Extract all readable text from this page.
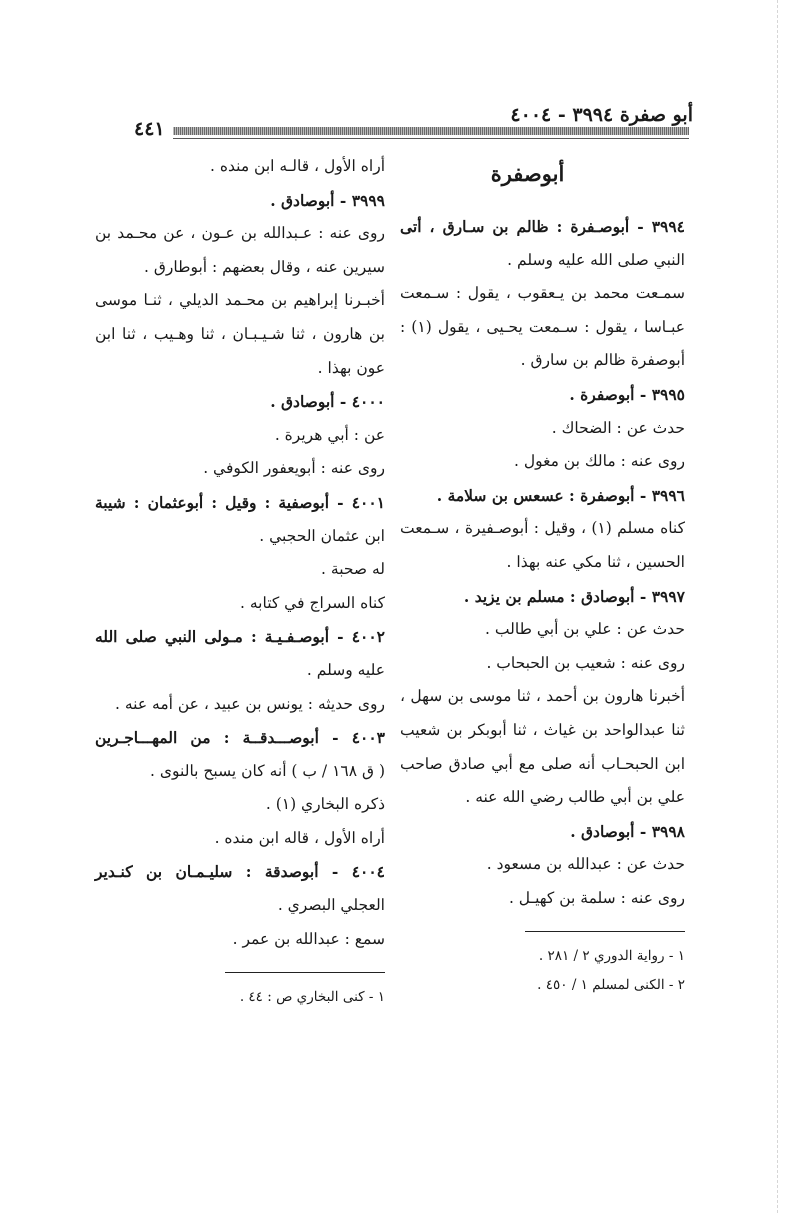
أبو صفرة ٣٩٩٤ - ٤٠٠٤
٤٤١
أبوصفرة
٣٩٩٤ - أبوصـفرة : ظالم بن سـارق ، أتى
النبي صلى الله عليه وسلم .
سمـعت محمد بن يـعقوب ، يقول : سـمعت
عبـاسا ، يقول : سـمعت يحـيى ، يقول (١) :
أبوصفرة ظالم بن سارق .
٣٩٩٥ - أبوصفرة .
حدث عن : الضحاك .
روى عنه : مالك بن مغول .
٣٩٩٦ - أبوصفرة : عسعس بن سلامة .
كناه مسلم (١) ، وقيل : أبوصـفيرة ، سـمعت
الحسين ، ثنا مكي عنه بهذا .
٣٩٩٧ - أبوصادق : مسلم بن يزيد .
حدث عن : علي بن أبي طالب .
روى عنه : شعيب بن الحبحاب .
أخبرنا هارون بن أحمد ، ثنا موسى بن سهل ،
ثنا عبدالواحد بن غياث ، ثنا أبوبكر بن شعيب
ابن الحبحـاب أنه صلى مع أبي صادق صاحب
علي بن أبي طالب رضي الله عنه .
٣٩٩٨ - أبوصادق .
حدث عن : عبدالله بن مسعود .
روى عنه : سلمة بن كهيـل .
١ - رواية الدوري ٢ / ٢٨١ .
٢ - الكنى لمسلم ١ / ٤٥٠ .
أراه الأول ، قالـه ابن منده .
٣٩٩٩ - أبوصادق .
روى عنه : عـبدالله بن عـون ، عن محـمد بن
سيرين عنه ، وقال بعضهم : أبوطارق .
أخبـرنا إبراهيم بن محـمد الديلي ، ثنـا موسى
بن هارون ، ثنا شـيـبـان ، ثنا وهـيب ، ثنا ابن
عون بهذا .
٤٠٠٠ - أبوصادق .
عن : أبي هريرة .
روى عنه : أبويعفور الكوفي .
٤٠٠١ - أبوصفية : وقيل : أبوعثمان : شيبة
ابن عثمان الحجبي .
له صحبة .
كناه السراج في كتابه .
٤٠٠٢ - أبوصـفـيـة : مـولى النبي صلى الله
عليه وسلم .
روى حديثه : يونس بن عبيد ، عن أمه عنه .
٤٠٠٣ - أبوصـــدقــة : من المهـــاجـرين
( ق ١٦٨ / ب ) أنه كان يسبح بالنوى .
ذكره البخاري (١) .
أراه الأول ، قاله ابن منده .
٤٠٠٤ - أبوصدقة : سليـمـان بن كنـدير
العجلي البصري .
سمع : عبدالله بن عمر .
١ - كنى البخاري ص : ٤٤ .
